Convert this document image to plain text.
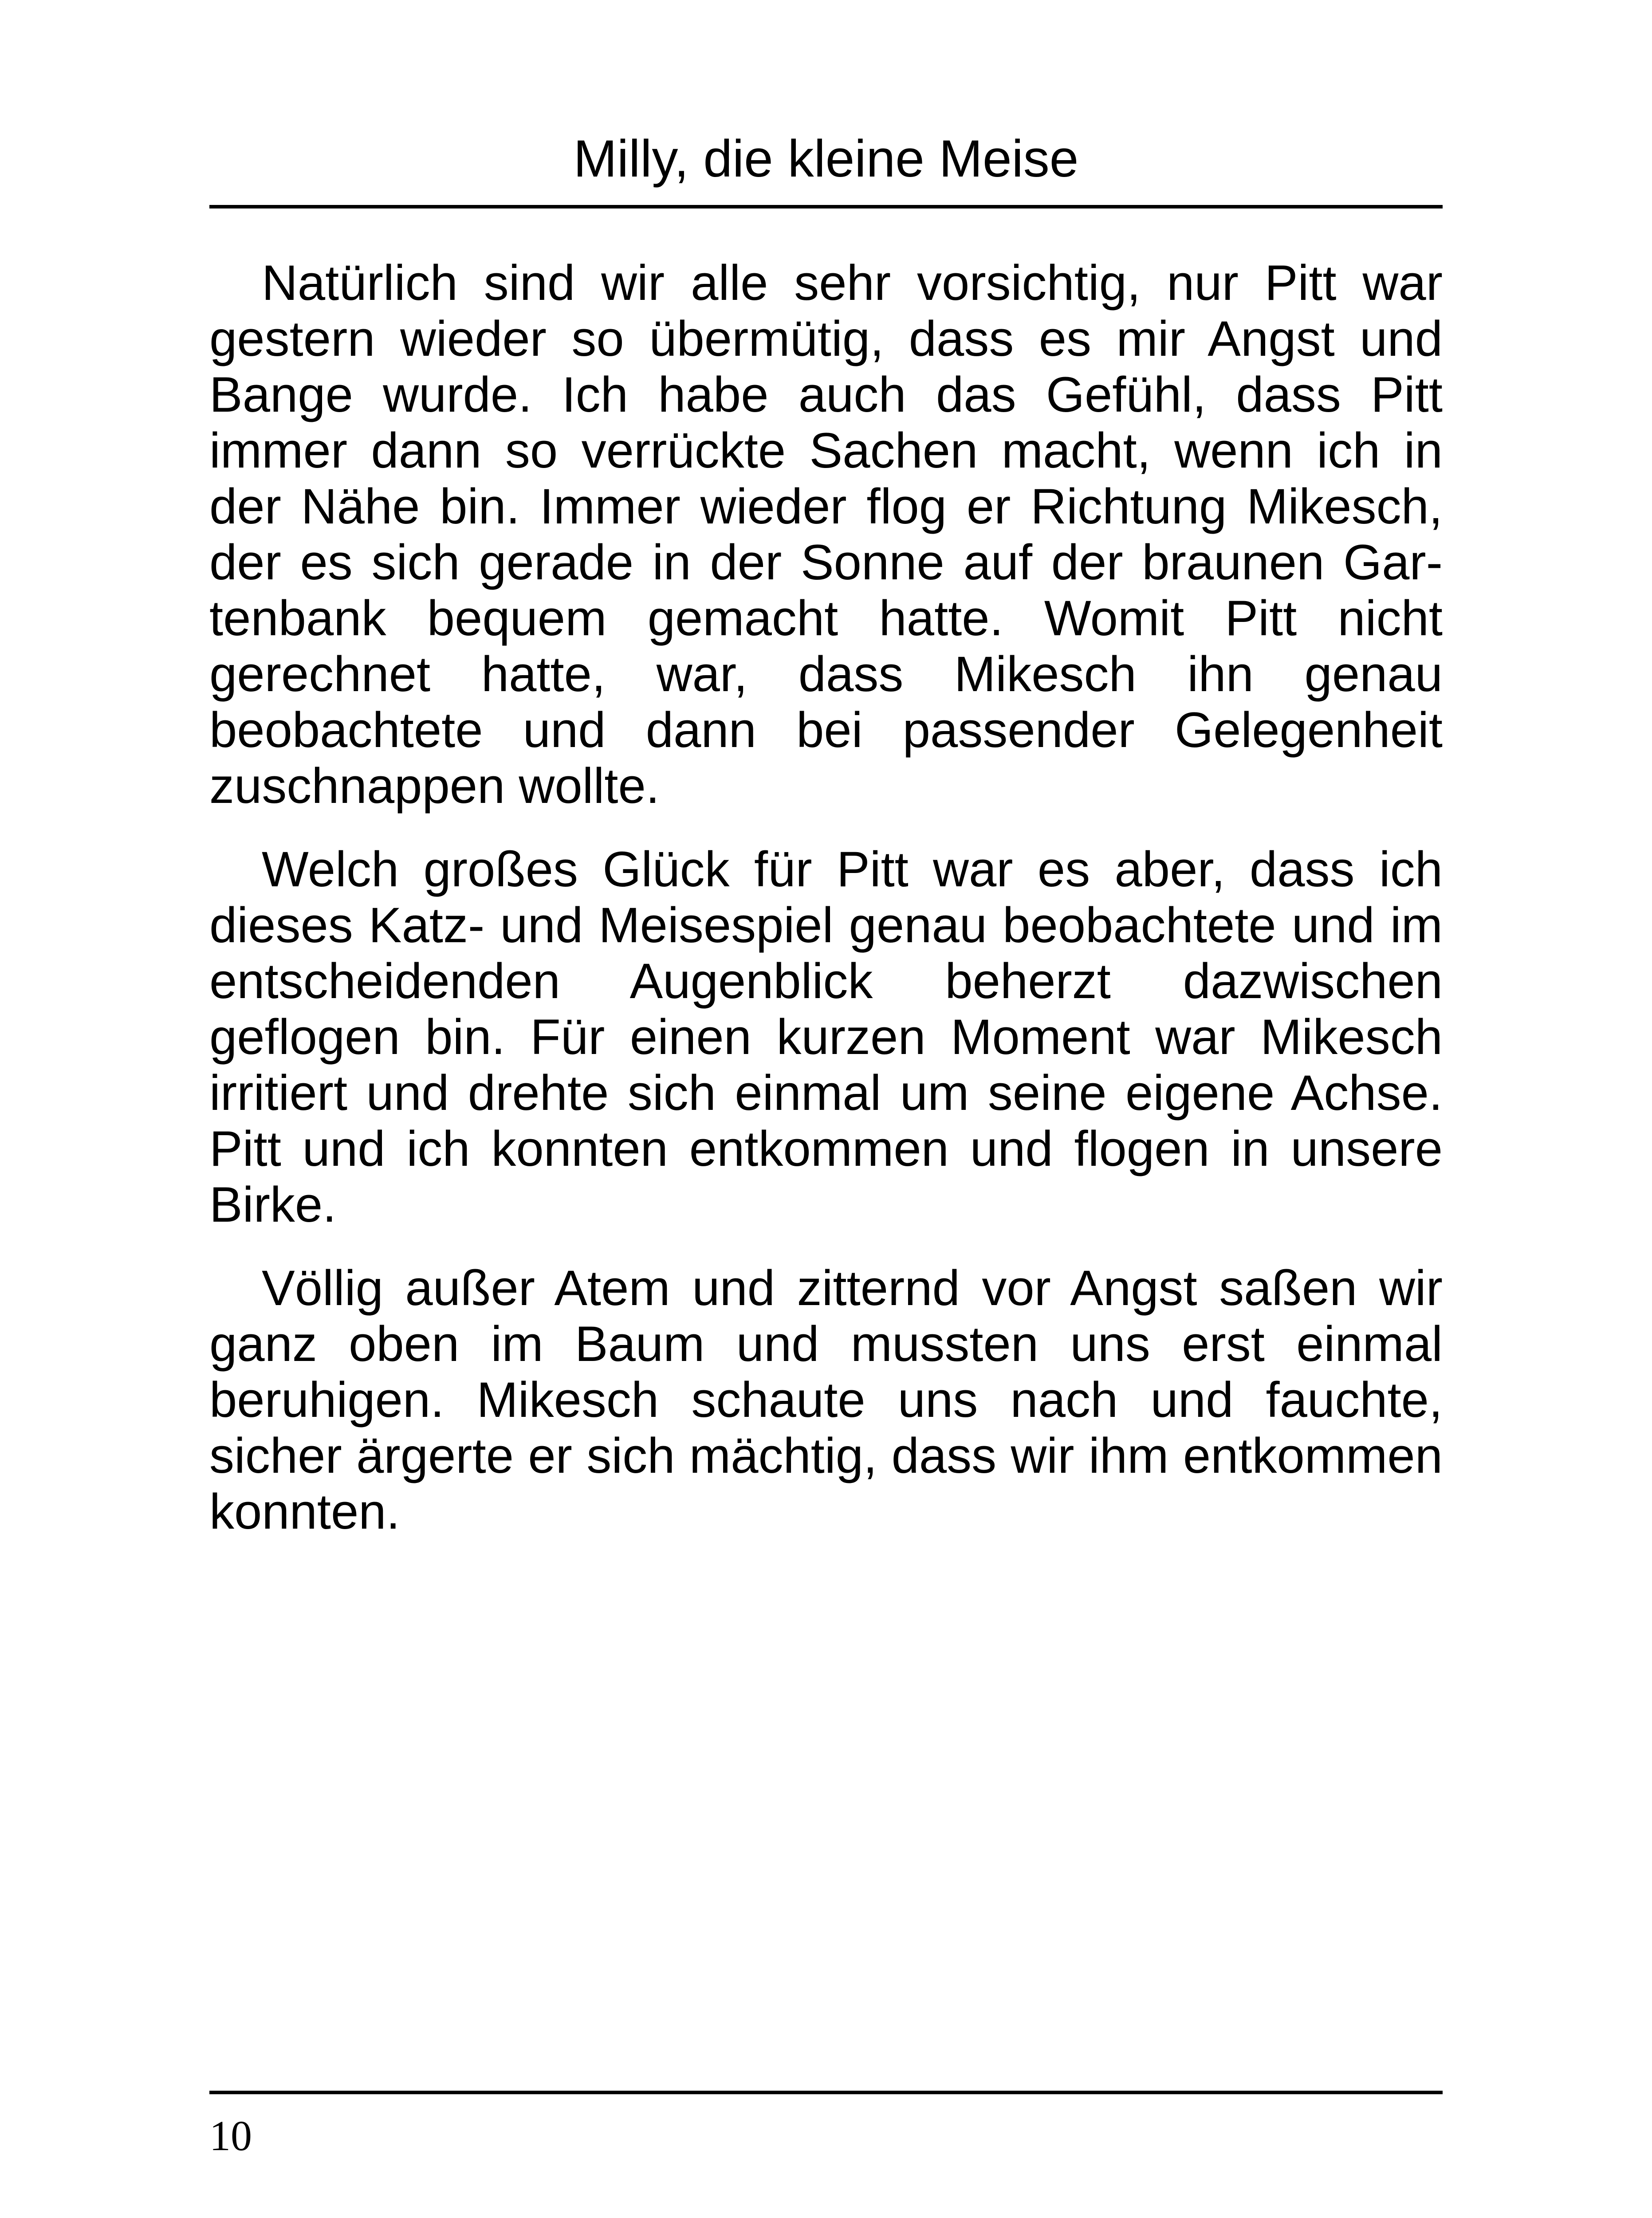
Milly, die kleine Meise

Natürlich sind wir alle sehr vorsichtig, nur Pitt war gestern wieder so übermütig, dass es mir Angst und Bange wurde. Ich habe auch das Gefühl, dass Pitt immer dann so verrückte Sachen macht, wenn ich in der Nähe bin. Immer wieder flog er Richtung Mikesch, der es sich gerade in der Sonne auf der braunen Gartenbank bequem gemacht hatte. Womit Pitt nicht gerechnet hatte, war, dass Mikesch ihn genau beobachtete und dann bei passender Gelegenheit zuschnappen wollte.

Welch großes Glück für Pitt war es aber, dass ich dieses Katz- und Meisespiel genau beobachtete und im entscheidenden Augenblick beherzt dazwischen geflogen bin. Für einen kurzen Moment war Mikesch irritiert und drehte sich einmal um seine eigene Achse. Pitt und ich konnten entkommen und flogen in unsere Birke.

Völlig außer Atem und zitternd vor Angst saßen wir ganz oben im Baum und mussten uns erst einmal beruhigen. Mikesch schaute uns nach und fauchte, sicher ärgerte er sich mächtig, dass wir ihm entkommen konnten.

10
